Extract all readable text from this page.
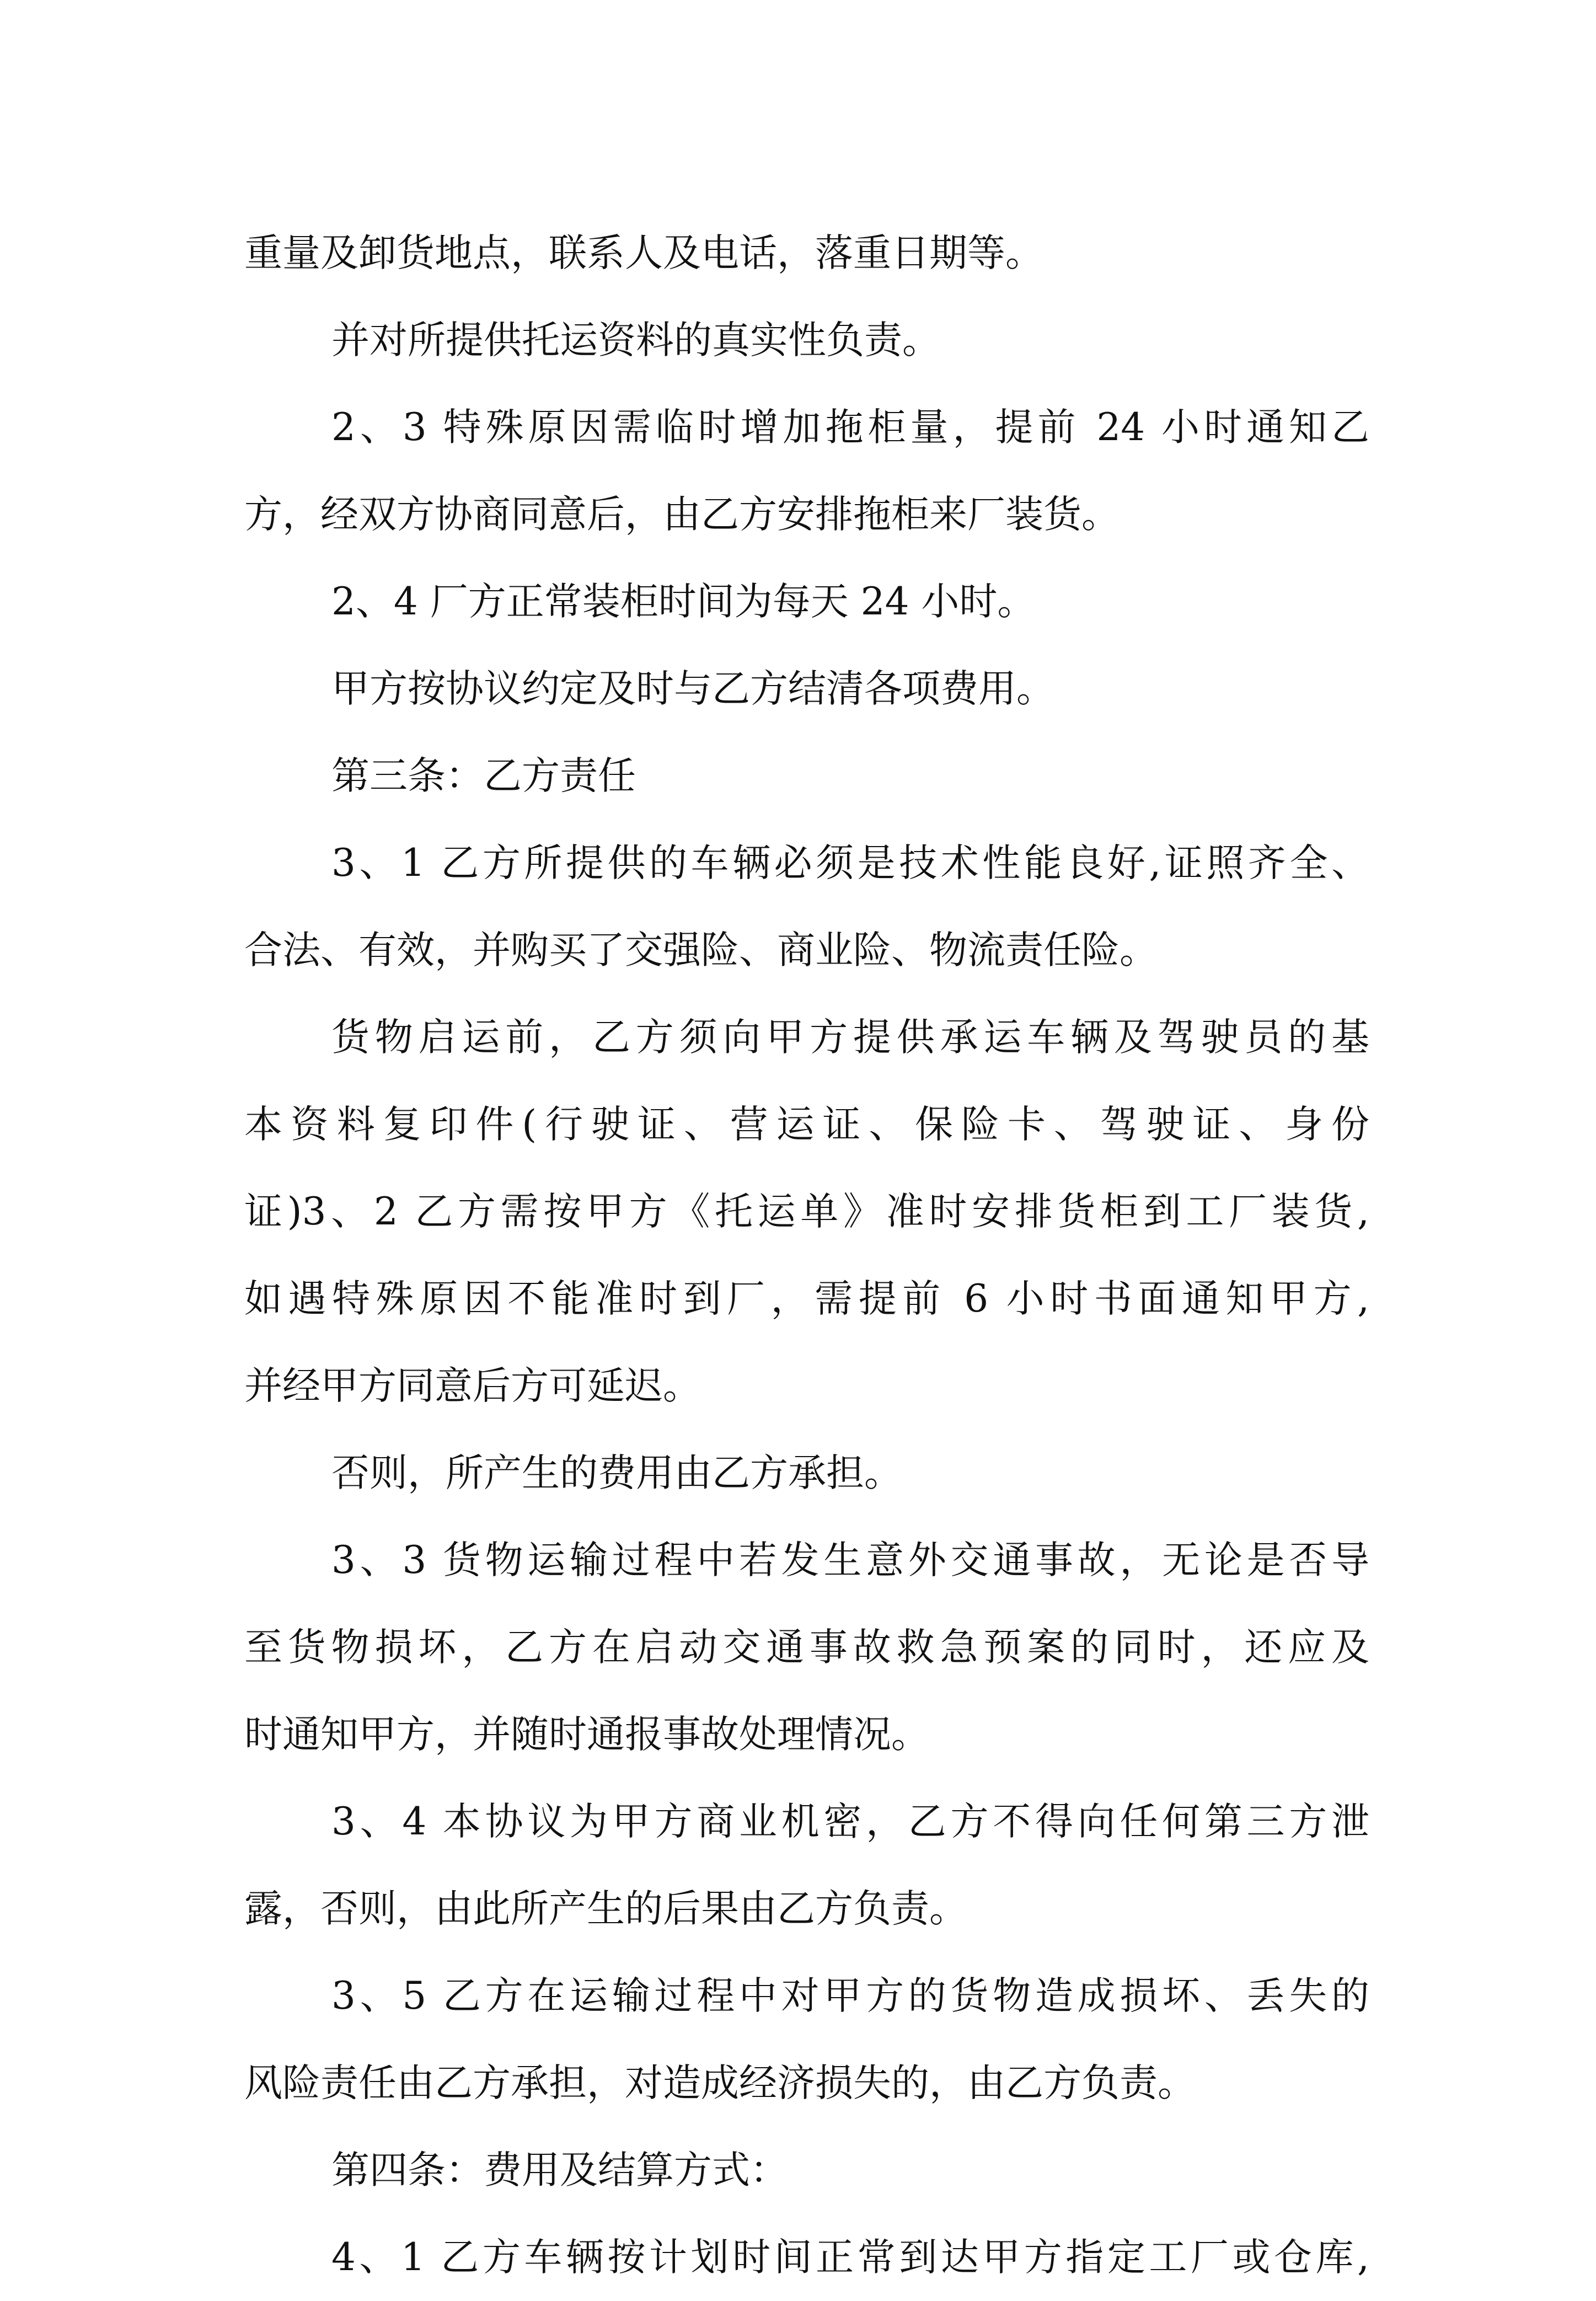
重量及卸货地点，联系人及电话，落重日期等。
并对所提供托运资料的真实性负责。
2、3 特殊原因需临时增加拖柜量，提前 24 小时通知乙
方，经双方协商同意后，由乙方安排拖柜来厂装货。
2、4 厂方正常装柜时间为每天 24 小时。
甲方按协议约定及时与乙方结清各项费用。
第三条：乙方责任
3、1 乙方所提供的车辆必须是技术性能良好,证照齐全、
合法、有效，并购买了交强险、商业险、物流责任险。
货物启运前，乙方须向甲方提供承运车辆及驾驶员的基
本资料复印件(行驶证、营运证、保险卡、驾驶证、身份
证)3、2 乙方需按甲方《托运单》准时安排货柜到工厂装货,
如遇特殊原因不能准时到厂，需提前 6 小时书面通知甲方,
并经甲方同意后方可延迟。
否则，所产生的费用由乙方承担。
3、3 货物运输过程中若发生意外交通事故，无论是否导
至货物损坏，乙方在启动交通事故救急预案的同时，还应及
时通知甲方，并随时通报事故处理情况。
3、4 本协议为甲方商业机密，乙方不得向任何第三方泄
露，否则，由此所产生的后果由乙方负责。
3、5 乙方在运输过程中对甲方的货物造成损坏、丢失的
风险责任由乙方承担，对造成经济损失的，由乙方负责。
第四条：费用及结算方式：
4、1 乙方车辆按计划时间正常到达甲方指定工厂或仓库,
